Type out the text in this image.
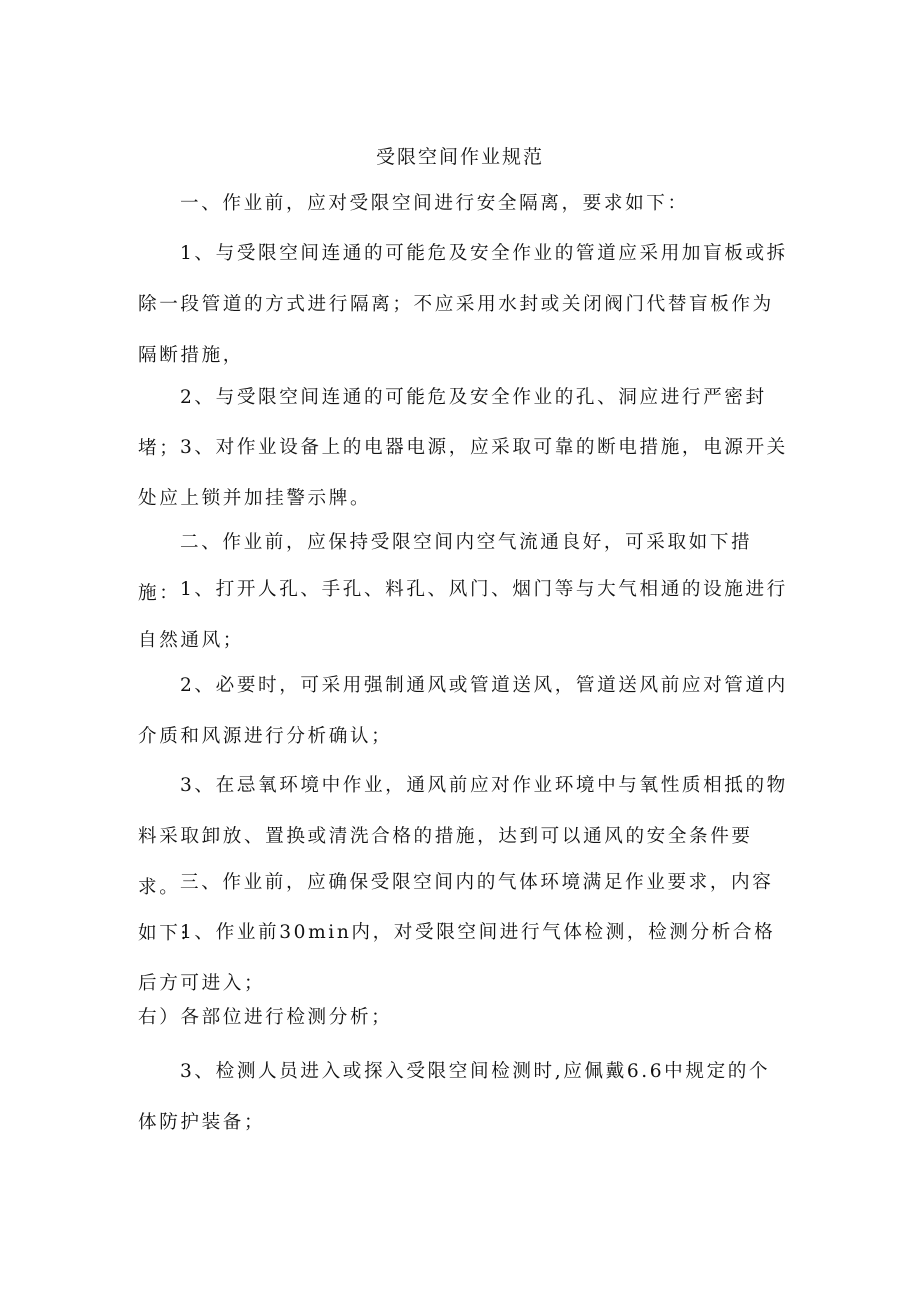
受限空间作业规范
一、作业前，应对受限空间进行安全隔离，要求如下：
1、与受限空间连通的可能危及安全作业的管道应采用加盲板或拆除一段管道的方式进行隔离；不应采用水封或关闭阀门代替盲板作为隔断措施，
2、与受限空间连通的可能危及安全作业的孔、洞应进行严密封堵； 3、对作业设备上的电器电源，应采取可靠的断电措施，电源开关处应上锁并加挂警示牌。
二、作业前，应保持受限空间内空气流通良好，可采取如下措施： 1、打开人孔、手孔、料孔、风门、烟门等与大气相通的设施进行自然通风；
2、必要时，可采用强制通风或管道送风，管道送风前应对管道内介质和风源进行分析确认；
3、在忌氧环境中作业，通风前应对作业环境中与氧性质相抵的物料采取卸放、置换或清洗合格的措施，达到可以通风的安全条件要求。 三、作业前，应确保受限空间内的气体环境满足作业要求，内容如下:
1、作业前30min内，对受限空间进行气体检测，检测分析合格后方可进入；
右）各部位进行检测分析；
3、检测人员进入或探入受限空间检测时,应佩戴6.6中规定的个体防护装备；
